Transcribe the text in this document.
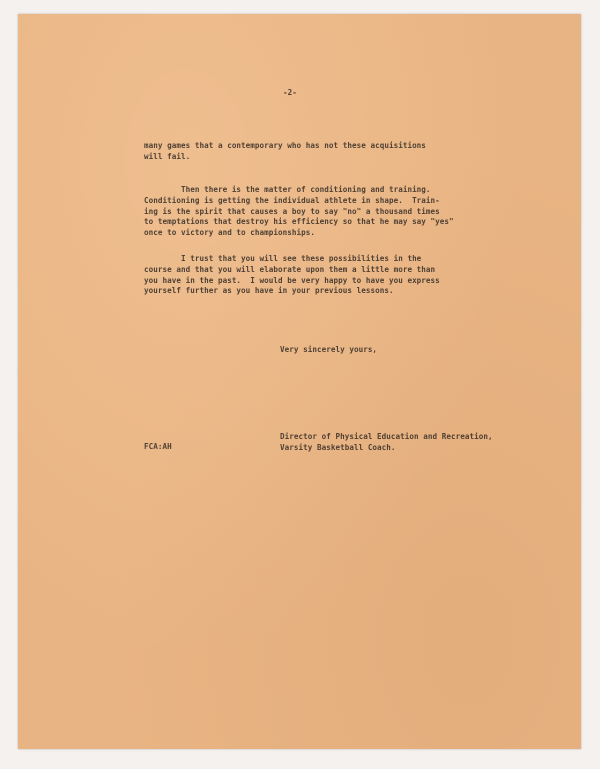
-2-

many games that a contemporary who has not these acquisitions
will fail.

Then there is the matter of conditioning and training.
Conditioning is getting the individual athlete in shape.  Train-
ing is the spirit that causes a boy to say "no" a thousand times
to temptations that destroy his efficiency so that he may say "yes"
once to victory and to championships.

I trust that you will see these possibilities in the
course and that you will elaborate upon them a little more than
you have in the past.  I would be very happy to have you express
yourself further as you have in your previous lessons.

Very sincerely yours,

FCA:AH

Director of Physical Education and Recreation,
Varsity Basketball Coach.
